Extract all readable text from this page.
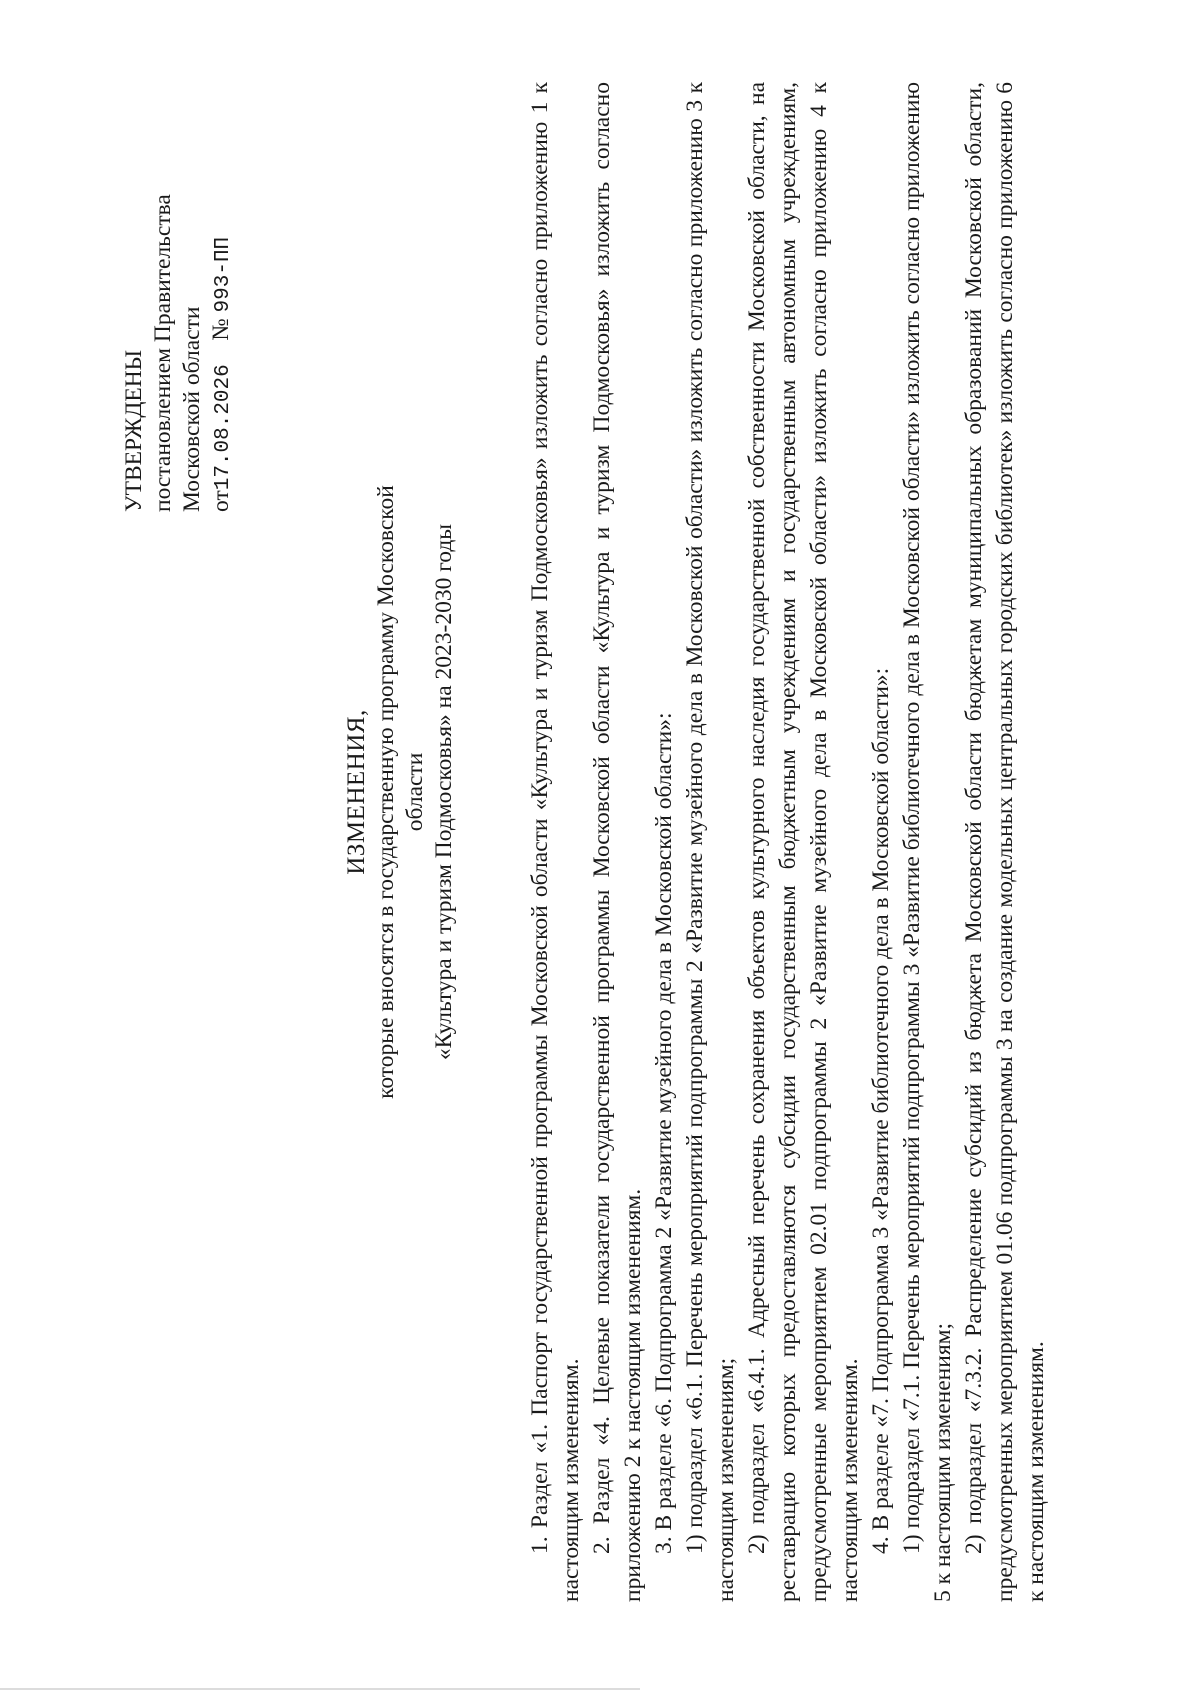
УТВЕРЖДЕНЫ постановлением Правительства Московской области от17.08.2026    № 993-ПП
ИЗМЕНЕНИЯ, которые вносятся в государственную программу Московской области «Культура и туризм Подмосковья» на 2023-2030 годы	1. Раздел «1. Паспорт государственной программы Московской области «Культура и туризм Подмосковья» изложить согласно приложению 1 к настоящим изменениям. 2. Раздел «4. Целевые показатели государственной программы Московской области «Культура и туризм Подмосковья» изложить согласно приложению 2 к настоящим изменениям. 3. В разделе «6. Подпрограмма 2 «Развитие музейного дела в Московской области»: 1) подраздел «6.1. Перечень мероприятий подпрограммы 2 «Развитие музейного дела в Московской области» изложить согласно приложению 3 к настоящим изменениям; 2) подраздел «6.4.1. Адресный перечень сохранения объектов культурного наследия государственной собственности Московской области, на реставрацию которых предоставляются субсидии государственным бюджетным учреждениям и государственным автономным учреждениям, предусмотренные мероприятием 02.01 подпрограммы 2 «Развитие музейного дела в Московской области» изложить согласно приложению 4 к настоящим изменениям. 4. В разделе «7. Подпрограмма 3 «Развитие библиотечного дела в Московской области»: 1) подраздел «7.1. Перечень мероприятий подпрограммы 3 «Развитие библиотечного дела в Московской области» изложить согласно приложению 5 к настоящим изменениям; 2) подраздел «7.3.2. Распределение субсидий из бюджета Московской области бюджетам муниципальных образований Московской области, предусмотренных мероприятием 01.06 подпрограммы 3 на создание модельных центральных городских библиотек» изложить согласно приложению 6 к настоящим изменениям.
